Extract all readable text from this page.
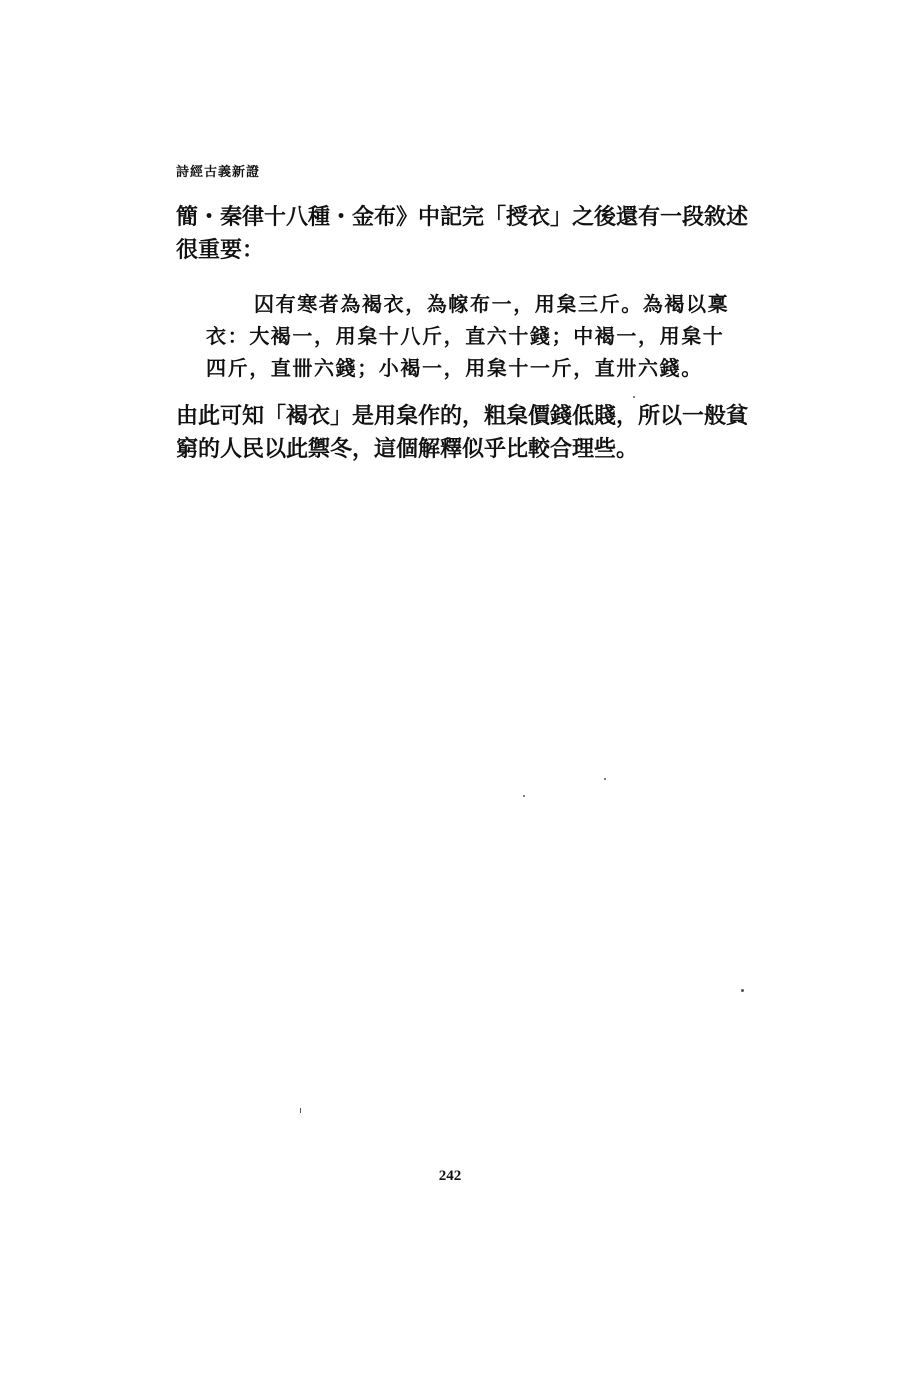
詩經古義新證
簡・秦律十八種・金布》中記完「授衣」之後還有一段敘述
很重要：
囚有寒者為褐衣，為幏布一，用枲三斤。為褐以稟
衣：大褐一，用枲十八斤，直六十錢；中褐一，用枲十
四斤，直卌六錢；小褐一，用枲十一斤，直卅六錢。
由此可知「褐衣」是用枲作的，粗枲價錢低賤，所以一般貧
窮的人民以此禦冬，這個解釋似乎比較合理些。
242
